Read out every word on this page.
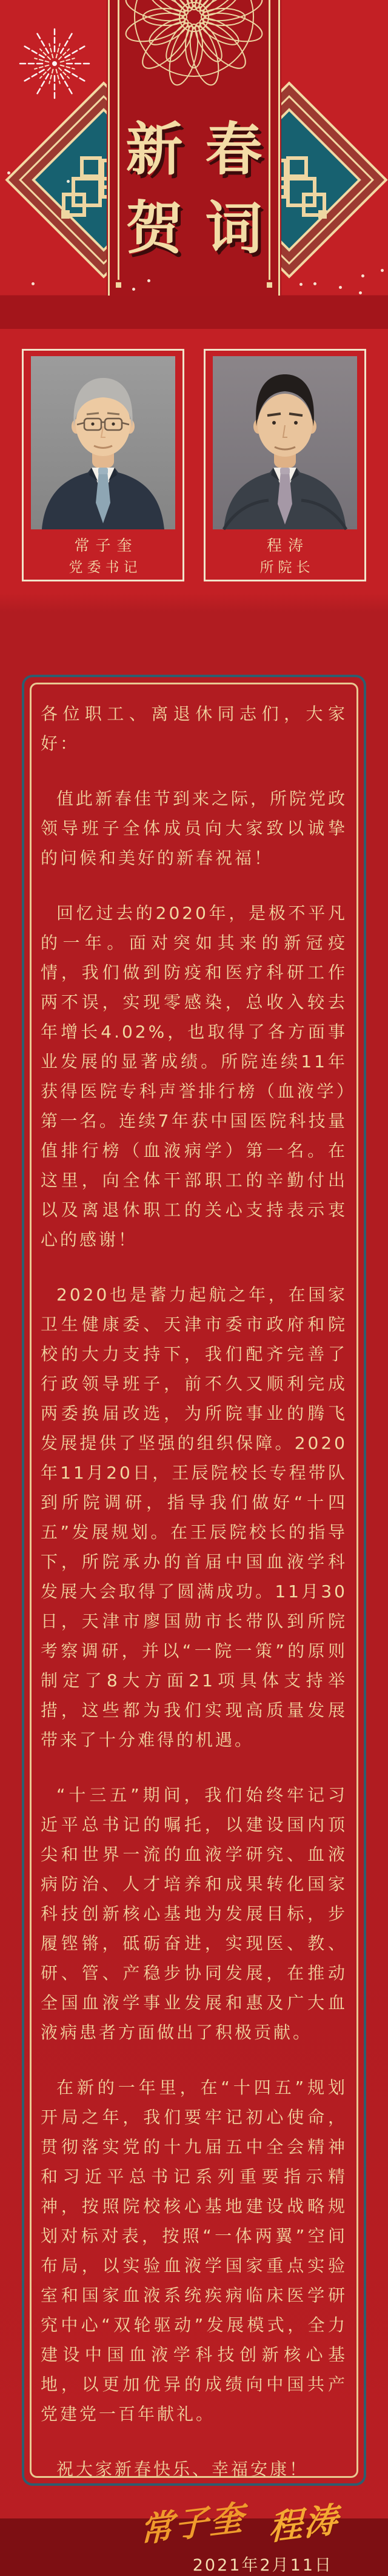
新 春
贺 词
常子奎
党委书记
程涛
所院长

各位职工、离退休同志们，大家好：

值此新春佳节到来之际，所院党政领导班子全体成员向大家致以诚挚的问候和美好的新春祝福！

回忆过去的2020年，是极不平凡的一年。面对突如其来的新冠疫情，我们做到防疫和医疗科研工作两不误，实现零感染，总收入较去年增长4.02%，也取得了各方面事业发展的显著成绩。所院连续11年获得医院专科声誉排行榜（血液学）第一名。连续7年获中国医院科技量值排行榜（血液病学）第一名。在这里，向全体干部职工的辛勤付出以及离退休职工的关心支持表示衷心的感谢！

2020也是蓄力起航之年，在国家卫生健康委、天津市委市政府和院校的大力支持下，我们配齐完善了行政领导班子，前不久又顺利完成两委换届改选，为所院事业的腾飞发展提供了坚强的组织保障。2020年11月20日，王辰院校长专程带队到所院调研，指导我们做好“十四五”发展规划。在王辰院校长的指导下，所院承办的首届中国血液学科发展大会取得了圆满成功。11月30日，天津市廖国勋市长带队到所院考察调研，并以“一院一策”的原则制定了8大方面21项具体支持举措，这些都为我们实现高质量发展带来了十分难得的机遇。

“十三五”期间，我们始终牢记习近平总书记的嘱托，以建设国内顶尖和世界一流的血液学研究、血液病防治、人才培养和成果转化国家科技创新核心基地为发展目标，步履铿锵，砥砺奋进，实现医、教、研、管、产稳步协同发展，在推动全国血液学事业发展和惠及广大血液病患者方面做出了积极贡献。

在新的一年里，在“十四五”规划开局之年，我们要牢记初心使命，贯彻落实党的十九届五中全会精神和习近平总书记系列重要指示精神，按照院校核心基地建设战略规划对标对表，按照“一体两翼”空间布局，以实验血液学国家重点实验室和国家血液系统疾病临床医学研究中心“双轮驱动”发展模式，全力建设中国血液学科技创新核心基地，以更加优异的成绩向中国共产党建党一百年献礼。

祝大家新春快乐、幸福安康！

常子奎 程涛
2021年2月11日
